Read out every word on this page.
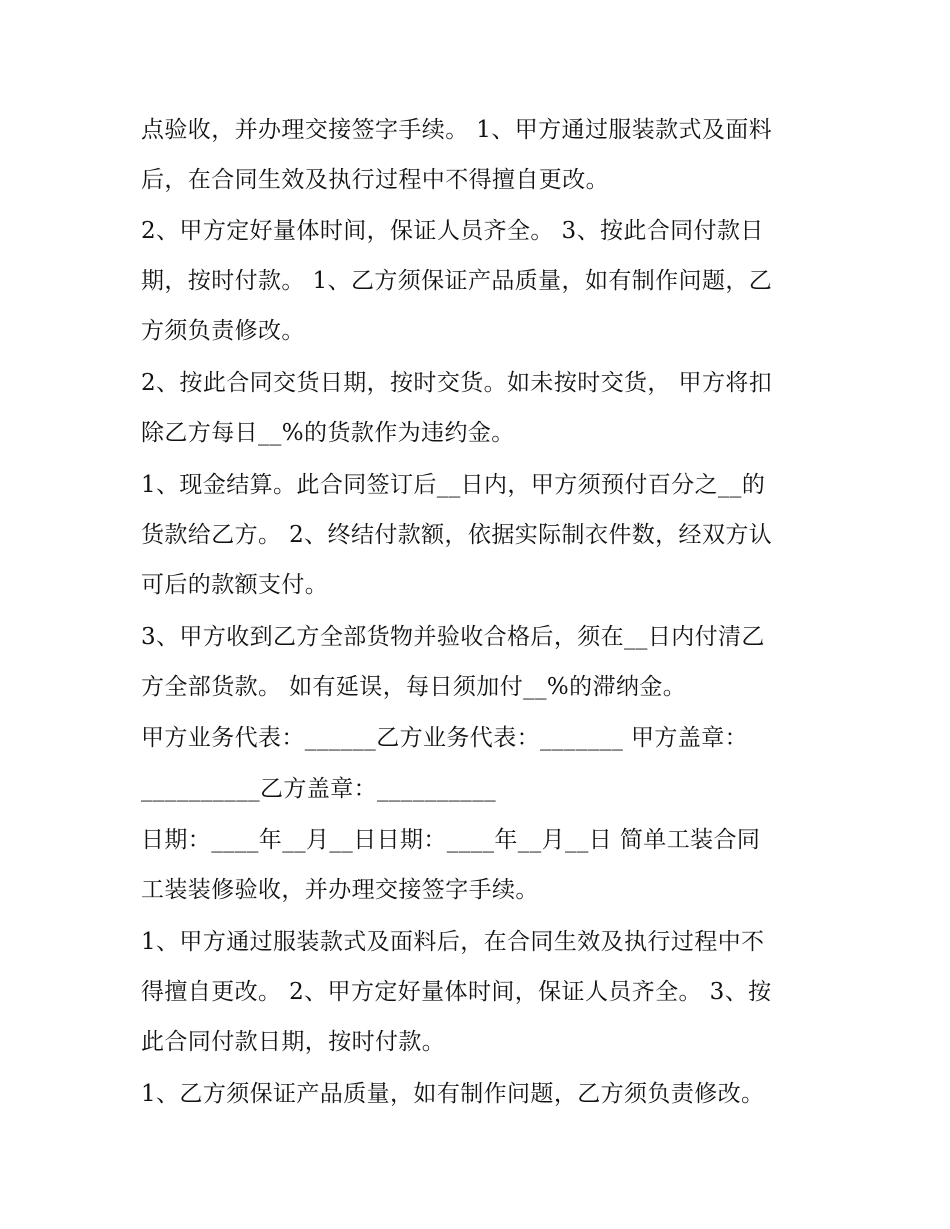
点验收，并办理交接签字手续。 1、甲方通过服装款式及面料
后，在合同生效及执行过程中不得擅自更改。
2、甲方定好量体时间，保证人员齐全。 3、按此合同付款日
期，按时付款。 1、乙方须保证产品质量，如有制作问题，乙
方须负责修改。
2、按此合同交货日期，按时交货。如未按时交货， 甲方将扣
除乙方每日__%的货款作为违约金。
1、现金结算。此合同签订后__日内，甲方须预付百分之__的
货款给乙方。 2、终结付款额，依据实际制衣件数，经双方认
可后的款额支付。
3、甲方收到乙方全部货物并验收合格后，须在__日内付清乙
方全部货款。 如有延误，每日须加付__%的滞纳金。
甲方业务代表：______乙方业务代表：_______ 甲方盖章：
__________乙方盖章：__________
日期：____年__月__日日期：____年__月__日 简单工装合同
工装装修验收，并办理交接签字手续。
1、甲方通过服装款式及面料后，在合同生效及执行过程中不
得擅自更改。 2、甲方定好量体时间，保证人员齐全。 3、按
此合同付款日期，按时付款。
1、乙方须保证产品质量，如有制作问题，乙方须负责修改。
